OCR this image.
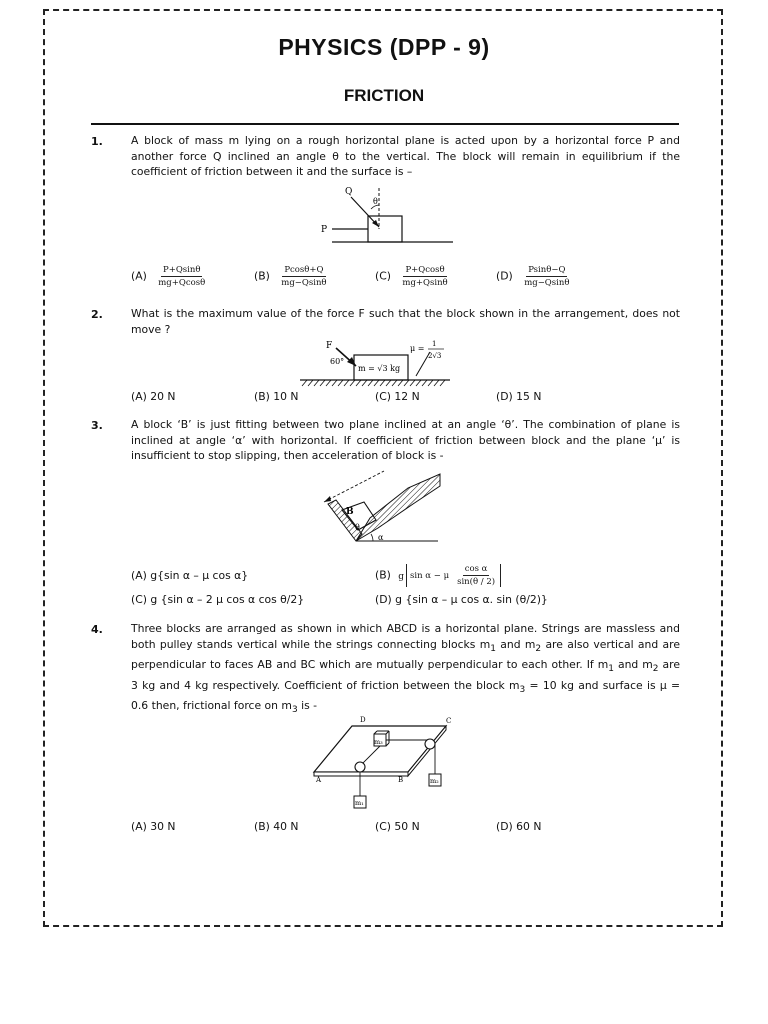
PHYSICS (DPP - 9)
FRICTION
1.	A block of mass m lying on a rough horizontal plane is acted upon by a horizontal force P and another force Q inclined an angle θ to the vertical. The block will remain in equilibrium if the coefficient of friction between it and the surface is –
Q
θ
P
$(A) \frac{P+Qsin\theta}{mg+Qcos\theta}$	$(B) \frac{Pcos\theta+Q}{mg-Qsin\theta}$	$(C) \frac{P+Qcos\theta}{mg+Qsin\theta}$	$(D) \frac{Psin\theta-Q}{mg-Qsin\theta}$
2.	What is the maximum value of the force F such that the block shown in the arrangement, does not    move ?
F
60°
m = √3 kg
μ = 1
2√3
(A) 20 N	(B) 10 N	(C) 12 N	(D) 15 N
3.	A block ‘B’ is just fitting between two plane inclined at an angle ‘θ’. The combination of plane is inclined at angle ‘α’ with horizontal. If coefficient of friction between block and the plane ‘μ’ is insufficient to stop slipping, then acceleration of block is -
B
θ
α
(A) g{sin α – μ cos α}	(B) g sin α − μ $\frac{\text{cos α}}{\sin(\theta / 2)}$
(C) g {sin α – 2 μ cos α cos θ/2}	(D) g {sin α – μ cos α. sin (θ/2)}
4.	Three blocks are arranged as shown in which ABCD is a horizontal plane. Strings are massless and both pulley stands vertical while the strings connecting blocks $m_1$ and $m_2$ are also vertical and are perpendicular to faces AB and BC which are mutually perpendicular to each other. If $m_1$ and $m_2$ are 3 kg and 4 kg respectively. Coefficient of friction between the block $m_3 = 10$ kg and surface is μ = 0.6 then, frictional force on $m_3$ is -
m₃
m₂
m₁
A	B
C
D
(A) 30 N	(B) 40 N	(C) 50 N	(D) 60 N
